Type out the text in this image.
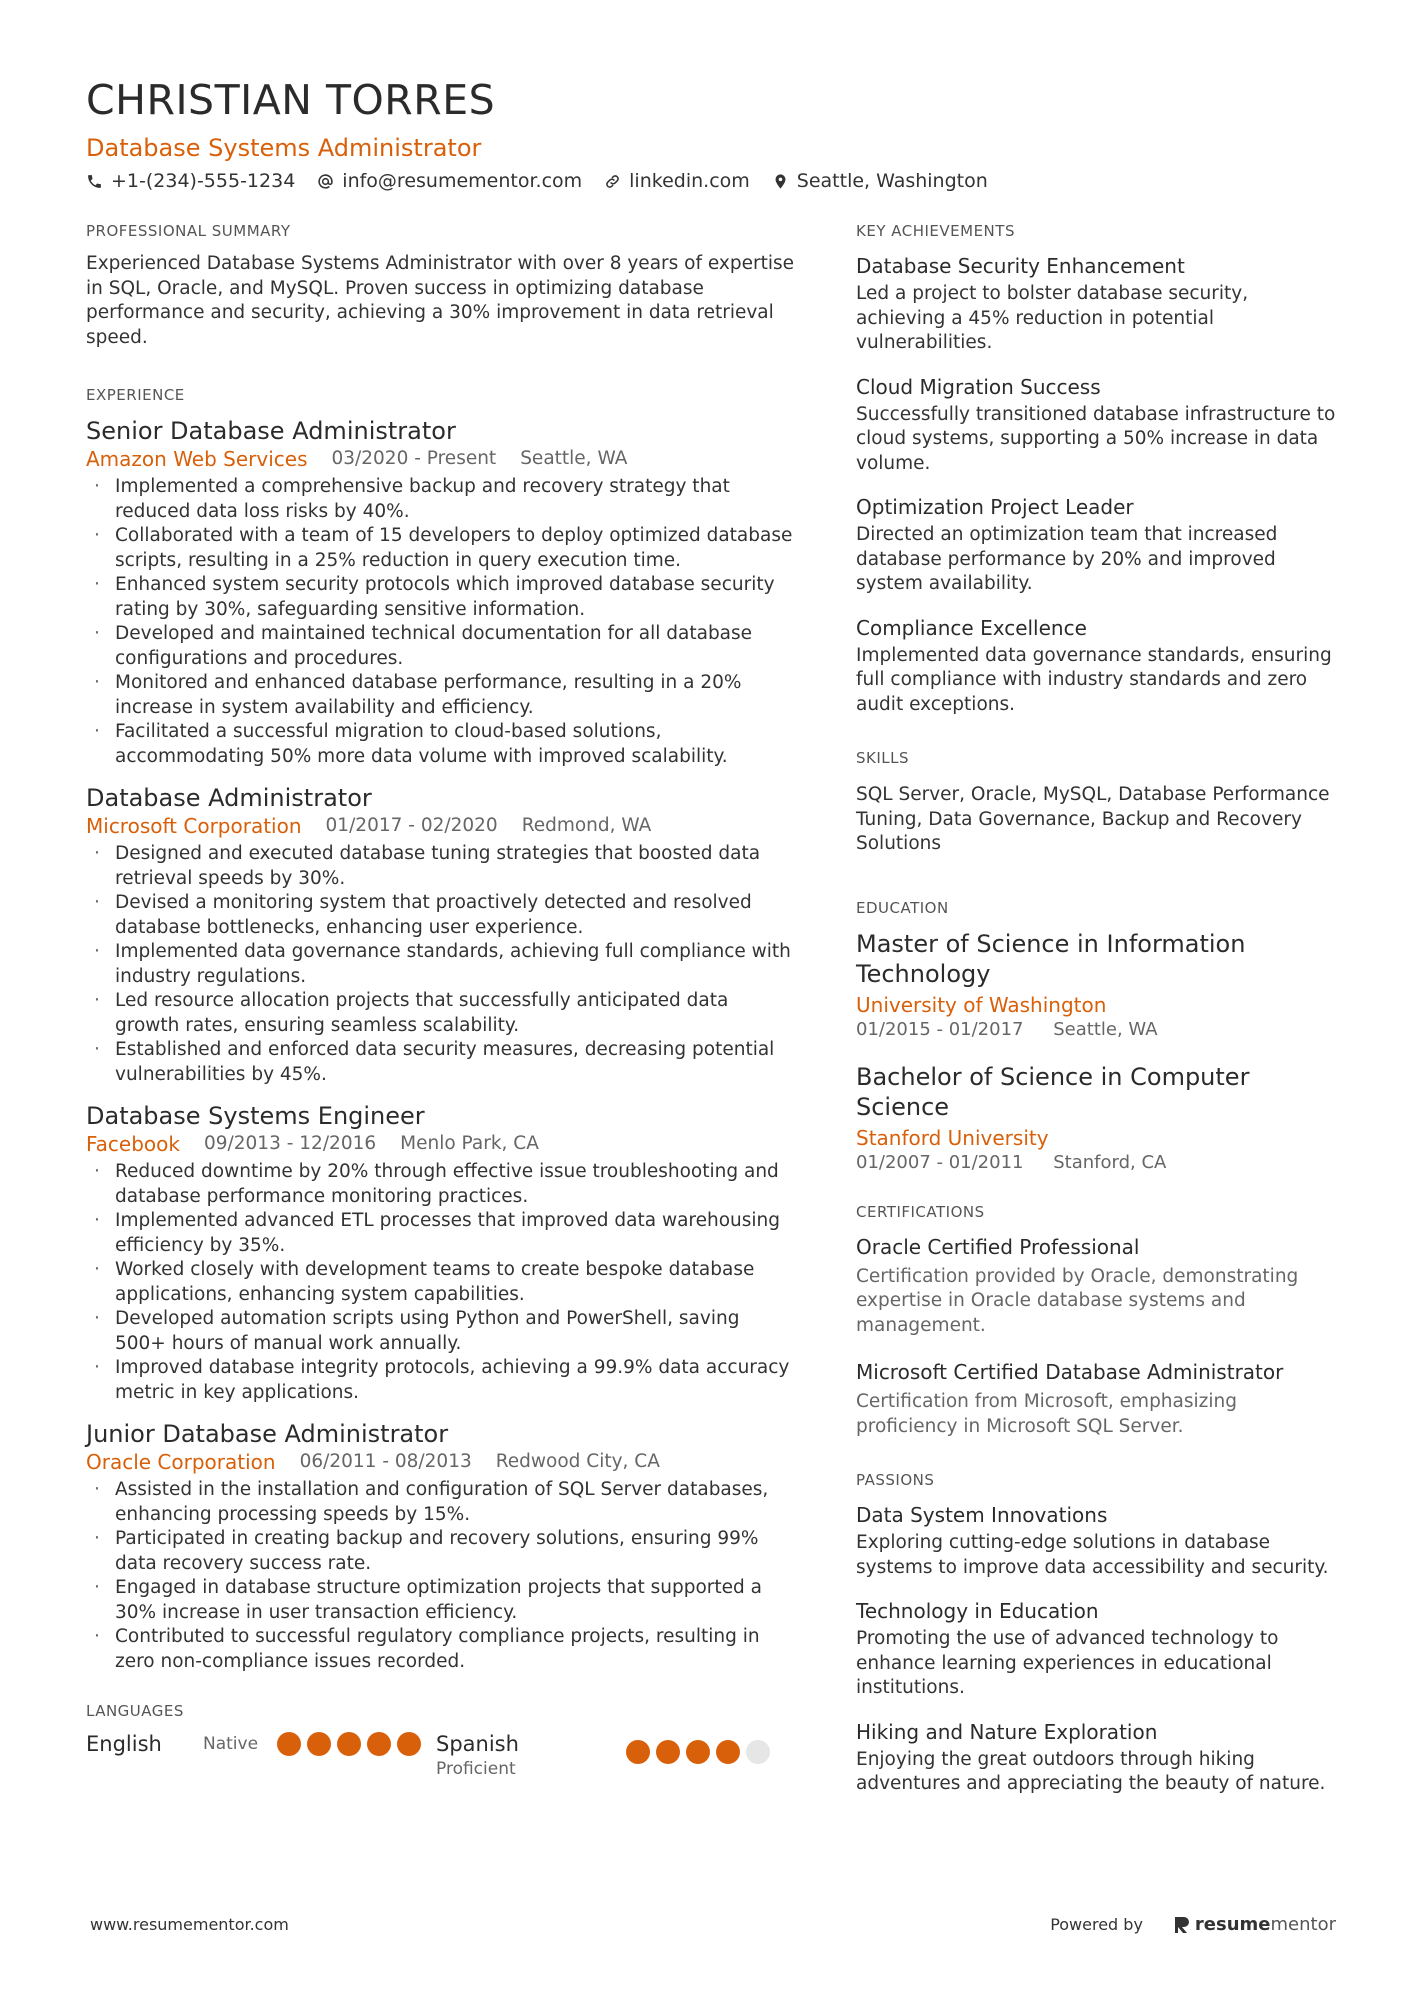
CHRISTIAN TORRES
Database Systems Administrator
+1-(234)-555-1234 info@resumementor.com linkedin.com Seattle, Washington
PROFESSIONAL SUMMARY
Experienced Database Systems Administrator with over 8 years of expertise in SQL, Oracle, and MySQL. Proven success in optimizing database performance and security, achieving a 30% improvement in data retrieval speed.
EXPERIENCE
Senior Database Administrator
Amazon Web Services 03/2020 - Present Seattle, WA
· Implemented a comprehensive backup and recovery strategy that reduced data loss risks by 40%.
· Collaborated with a team of 15 developers to deploy optimized database scripts, resulting in a 25% reduction in query execution time.
· Enhanced system security protocols which improved database security rating by 30%, safeguarding sensitive information.
· Developed and maintained technical documentation for all database configurations and procedures.
· Monitored and enhanced database performance, resulting in a 20% increase in system availability and efficiency.
· Facilitated a successful migration to cloud-based solutions, accommodating 50% more data volume with improved scalability.
Database Administrator
Microsoft Corporation 01/2017 - 02/2020 Redmond, WA
· Designed and executed database tuning strategies that boosted data retrieval speeds by 30%.
· Devised a monitoring system that proactively detected and resolved database bottlenecks, enhancing user experience.
· Implemented data governance standards, achieving full compliance with industry regulations.
· Led resource allocation projects that successfully anticipated data growth rates, ensuring seamless scalability.
· Established and enforced data security measures, decreasing potential vulnerabilities by 45%.
Database Systems Engineer
Facebook 09/2013 - 12/2016 Menlo Park, CA
· Reduced downtime by 20% through effective issue troubleshooting and database performance monitoring practices.
· Implemented advanced ETL processes that improved data warehousing efficiency by 35%.
· Worked closely with development teams to create bespoke database applications, enhancing system capabilities.
· Developed automation scripts using Python and PowerShell, saving 500+ hours of manual work annually.
· Improved database integrity protocols, achieving a 99.9% data accuracy metric in key applications.
Junior Database Administrator
Oracle Corporation 06/2011 - 08/2013 Redwood City, CA
· Assisted in the installation and configuration of SQL Server databases, enhancing processing speeds by 15%.
· Participated in creating backup and recovery solutions, ensuring 99% data recovery success rate.
· Engaged in database structure optimization projects that supported a 30% increase in user transaction efficiency.
· Contributed to successful regulatory compliance projects, resulting in zero non-compliance issues recorded.
LANGUAGES
English	Native	Spanish
Proficient
KEY ACHIEVEMENTS
Database Security Enhancement
Led a project to bolster database security, achieving a 45% reduction in potential vulnerabilities.
Cloud Migration Success
Successfully transitioned database infrastructure to cloud systems, supporting a 50% increase in data volume.
Optimization Project Leader
Directed an optimization team that increased database performance by 20% and improved system availability.
Compliance Excellence
Implemented data governance standards, ensuring full compliance with industry standards and zero audit exceptions.
SKILLS
SQL Server, Oracle, MySQL, Database Performance Tuning, Data Governance, Backup and Recovery Solutions
EDUCATION
Master of Science in Information Technology
University of Washington
01/2015 - 01/2017 Seattle, WA
Bachelor of Science in Computer Science
Stanford University
01/2007 - 01/2011 Stanford, CA
CERTIFICATIONS
Oracle Certified Professional
Certification provided by Oracle, demonstrating expertise in Oracle database systems and management.
Microsoft Certified Database Administrator
Certification from Microsoft, emphasizing proficiency in Microsoft SQL Server.
PASSIONS
Data System Innovations
Exploring cutting-edge solutions in database systems to improve data accessibility and security.
Technology in Education
Promoting the use of advanced technology to enhance learning experiences in educational institutions.
Hiking and Nature Exploration
Enjoying the great outdoors through hiking adventures and appreciating the beauty of nature.
www.resumementor.com	Powered by	resume mentor
